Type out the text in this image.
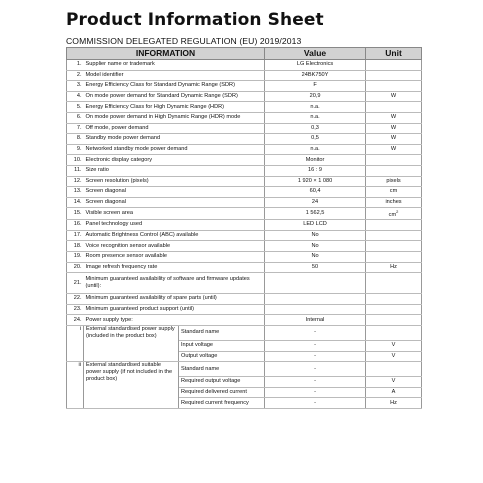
Product Information Sheet
COMMISSION DELEGATED REGULATION (EU) 2019/2013
INFORMATION			Value	Unit
1.	Supplier name or trademark		LG Electronics	
2.	Model identifier		24BK750Y	
3.	Energy Efficiency Class for Standard Dynamic Range (SDR)		F	
4.	On mode power demand for Standard Dynamic Range (SDR)		20,9	W
5.	Energy Efficiency Class for High Dynamic Range (HDR)		n.a.	
6.	On mode power demand in High Dynamic Range (HDR) mode		n.a.	W
7.	Off mode, power demand		0,3	W
8.	Standby mode power demand		0,5	W
9.	Networked standby mode power demand		n.a.	W
10.	Electronic display category		Monitor	
11.	Size ratio		16 : 9	
12.	Screen resolution (pixels)		1 920 × 1 080	pixels
13.	Screen diagonal		60,4	cm
14.	Screen diagonal		24	inches
15.	Visible screen area		1 562,5	$cm^2$
16.	Panel technology used		LED LCD	
17.	Automatic Brightness Control (ABC) available		No	
18.	Voice recognition sensor available		No	
19.	Room presence sensor available		No	
20.	Image refresh frequency rate		50	Hz
21.	Minimum guaranteed availability of software and firmware updates (until):			
22.	Minimum guaranteed availability of spare parts (until)			
23.	Minimum guaranteed product support (until)			
24.	Power supply type:		Internal	
i	External standardised power supply (included in the product box)	Standard name	-	
		Input voltage	-	V
		Output voltage	-	V
ii	External standardised suitable power supply (if not included in the product box)	Standard name	-	
		Required output voltage	-	V
		Required delivered current	-	A
		Required current frequency	-	Hz
